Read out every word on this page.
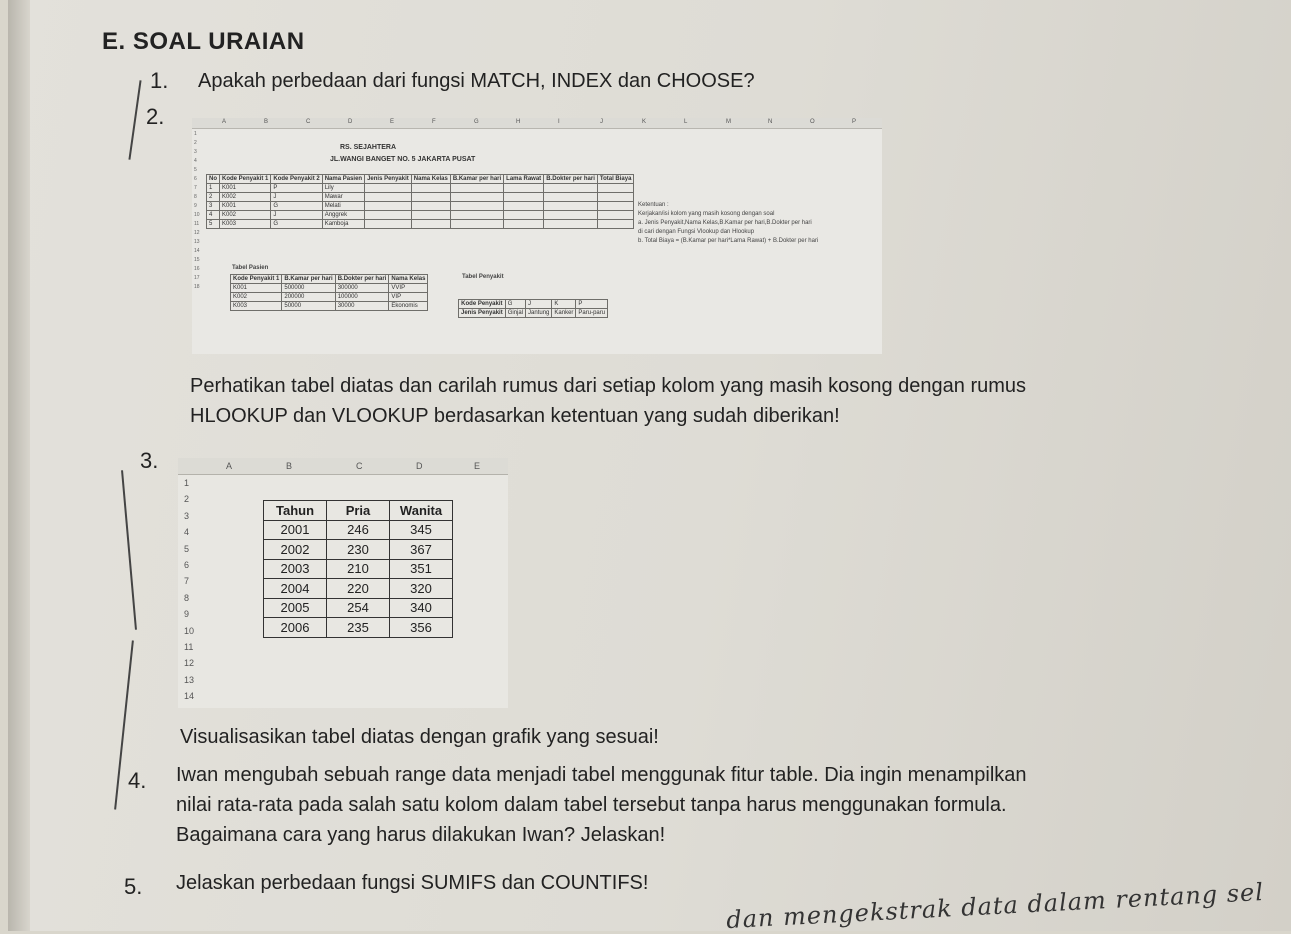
E. SOAL URAIAN
1. Apakah perbedaan dari fungsi MATCH, INDEX dan CHOOSE?
2.	A	B	C	D	E	F	G	H	I	J	K	L	M	N	O	P
1
2
3
4
5
6
7
8
9
10
11
12
13
14
15
16
17
18
RS. SEJAHTERA
JL.WANGI BANGET NO. 5 JAKARTA PUSAT
No	Kode Penyakit 1	Kode Penyakit 2	Nama Pasien	Jenis Penyakit	Nama Kelas	B.Kamar per hari	Lama Rawat	B.Dokter per hari	Total Biaya
1	K001	P	Lily						
2	K002	J	Mawar						
3	K001	G	Melati						
4	K002	J	Anggrek						
5	K003	G	Kamboja						
Ketentuan :
Kerjakan/isi kolom yang masih kosong dengan soal
a. Jenis Penyakit,Nama Kelas,B.Kamar per hari,B.Dokter per hari
di cari dengan Fungsi Vlookup dan Hlookup
b. Total Biaya = (B.Kamar per hari*Lama Rawat) + B.Dokter per hari
Tabel Pasien
Kode Penyakit 1	B.Kamar per hari	B.Dokter per hari	Nama Kelas
K001	500000	300000	VVIP
K002	200000	100000	VIP
K003	50000	30000	Ekonomis
Tabel Penyakit
Kode Penyakit	G	J	K	P
Jenis Penyakit	Ginjal	Jantung	Kanker	Paru-paru
Perhatikan tabel diatas dan carilah rumus dari setiap kolom yang masih kosong dengan rumus
HLOOKUP dan VLOOKUP berdasarkan ketentuan yang sudah diberikan!
3.	A	B	C	D	E
1
2
3
4
5
6
7
8
9
10
11
12
13
14
Tahun	Pria	Wanita
2001	246	345
2002	230	367
2003	210	351
2004	220	320
2005	254	340
2006	235	356
Visualisasikan tabel diatas dengan grafik yang sesuai!
4. Iwan mengubah sebuah range data menjadi tabel menggunak fitur table. Dia ingin menampilkan
nilai rata-rata pada salah satu kolom dalam tabel tersebut tanpa harus menggunakan formula.
Bagaimana cara yang harus dilakukan Iwan? Jelaskan!
5. Jelaskan perbedaan fungsi SUMIFS dan COUNTIFS!	dan mengekstrak data dalam rentang sel
